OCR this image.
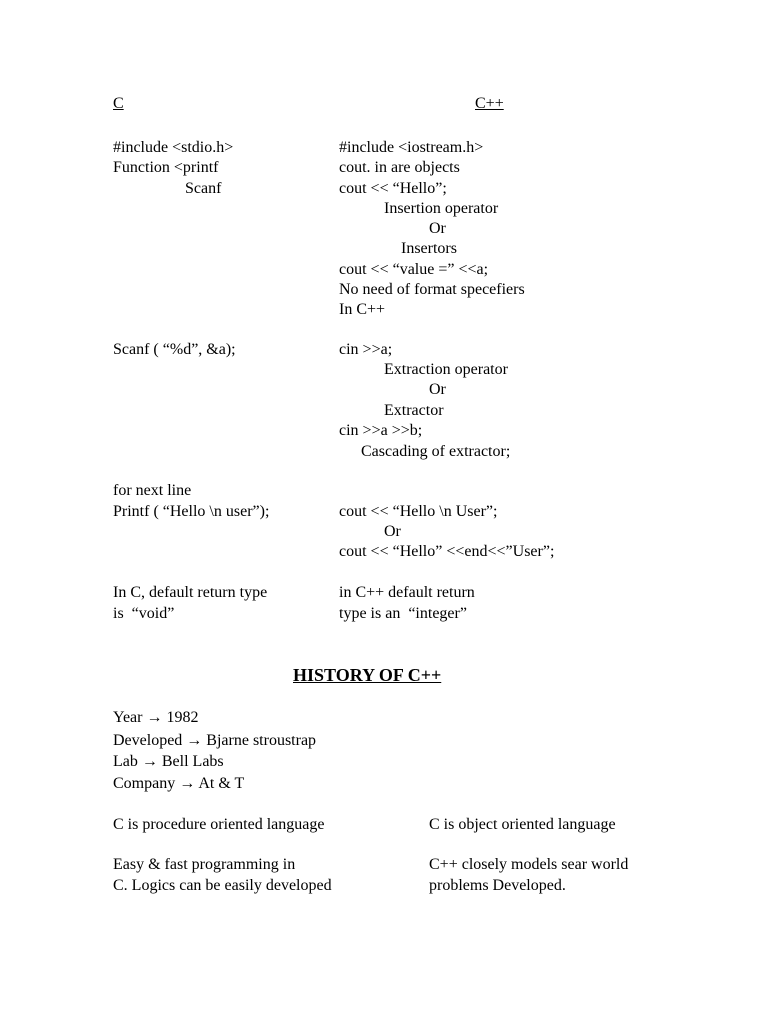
C	C++
#include <stdio.h>
Function <printf
Scanf
Scanf ( “%d”, &a);
for next line
Printf ( “Hello \n user”);
In C, default return type
is  “void”
#include <iostream.h>
cout. in are objects
cout << “Hello”;
Insertion operator
Or
Insertors
cout << “value =” <<a;
No need of format specefiers
In C++
cin >>a;
Extraction operator
Or
Extractor
cin >>a >>b;
Cascading of extractor;
cout << “Hello \n User”;
Or
cout << “Hello” <<end<<”User”;
in C++ default return
type is an  “integer”
HISTORY OF C++
Year → 1982
Developed → Bjarne stroustrap
Lab → Bell Labs
Company → At & T
C is procedure oriented language	C is object oriented language
Easy & fast programming in
C. Logics can be easily developed
C++ closely models sear world
problems Developed.
